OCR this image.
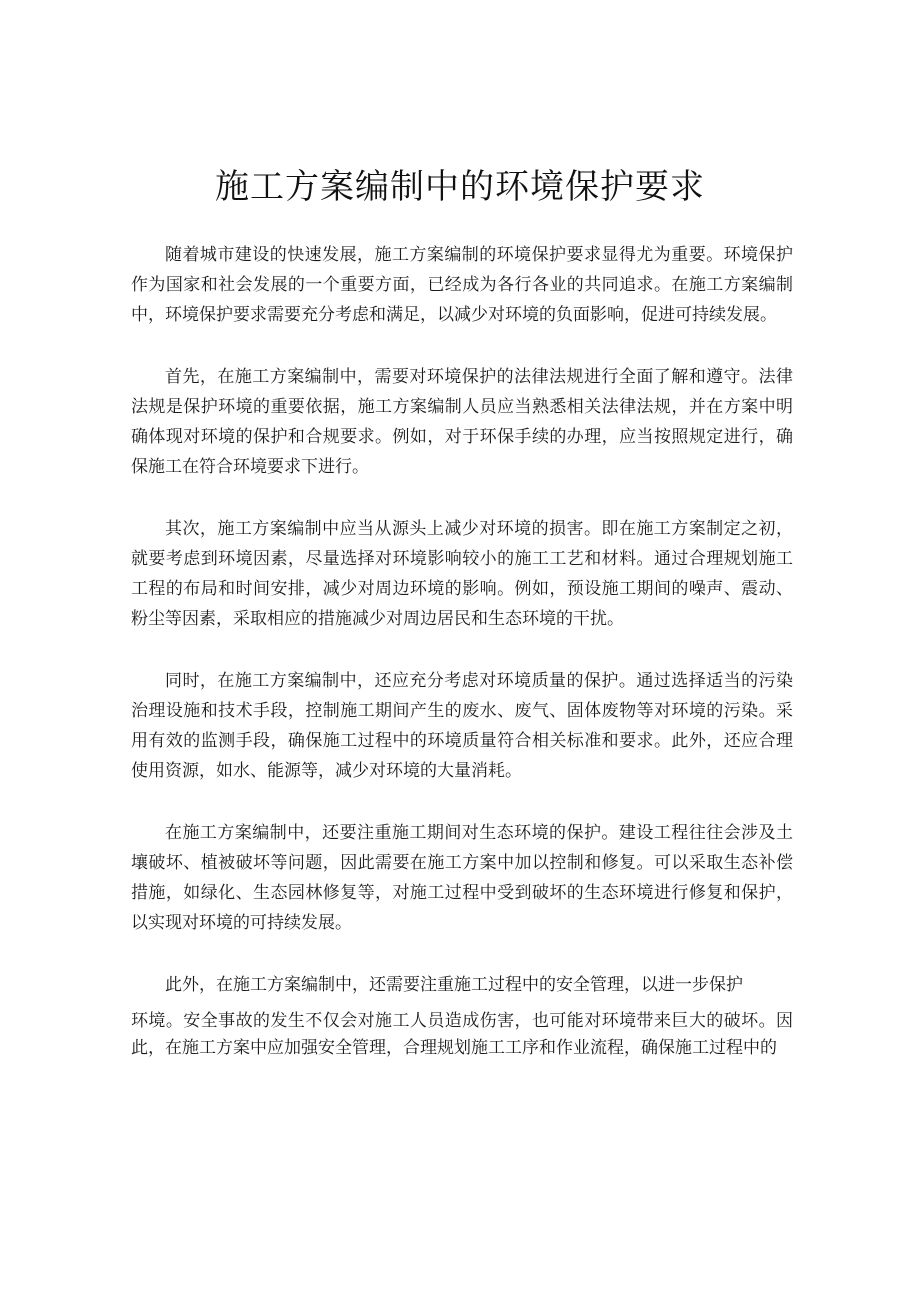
施工方案编制中的环境保护要求

随着城市建设的快速发展，施工方案编制的环境保护要求显得尤为重要。环境保护作为国家和社会发展的一个重要方面，已经成为各行各业的共同追求。在施工方案编制中，环境保护要求需要充分考虑和满足，以减少对环境的负面影响，促进可持续发展。

首先，在施工方案编制中，需要对环境保护的法律法规进行全面了解和遵守。法律法规是保护环境的重要依据，施工方案编制人员应当熟悉相关法律法规，并在方案中明确体现对环境的保护和合规要求。例如，对于环保手续的办理，应当按照规定进行，确保施工在符合环境要求下进行。

其次，施工方案编制中应当从源头上减少对环境的损害。即在施工方案制定之初，就要考虑到环境因素，尽量选择对环境影响较小的施工工艺和材料。通过合理规划施工工程的布局和时间安排，减少对周边环境的影响。例如，预设施工期间的噪声、震动、粉尘等因素，采取相应的措施减少对周边居民和生态环境的干扰。

同时，在施工方案编制中，还应充分考虑对环境质量的保护。通过选择适当的污染治理设施和技术手段，控制施工期间产生的废水、废气、固体废物等对环境的污染。采用有效的监测手段，确保施工过程中的环境质量符合相关标准和要求。此外，还应合理使用资源，如水、能源等，减少对环境的大量消耗。

在施工方案编制中，还要注重施工期间对生态环境的保护。建设工程往往会涉及土壤破坏、植被破坏等问题，因此需要在施工方案中加以控制和修复。可以采取生态补偿措施，如绿化、生态园林修复等，对施工过程中受到破坏的生态环境进行修复和保护，以实现对环境的可持续发展。

此外，在施工方案编制中，还需要注重施工过程中的安全管理，以进一步保护
环境。安全事故的发生不仅会对施工人员造成伤害，也可能对环境带来巨大的破坏。因此，在施工方案中应加强安全管理，合理规划施工工序和作业流程，确保施工过程中的
